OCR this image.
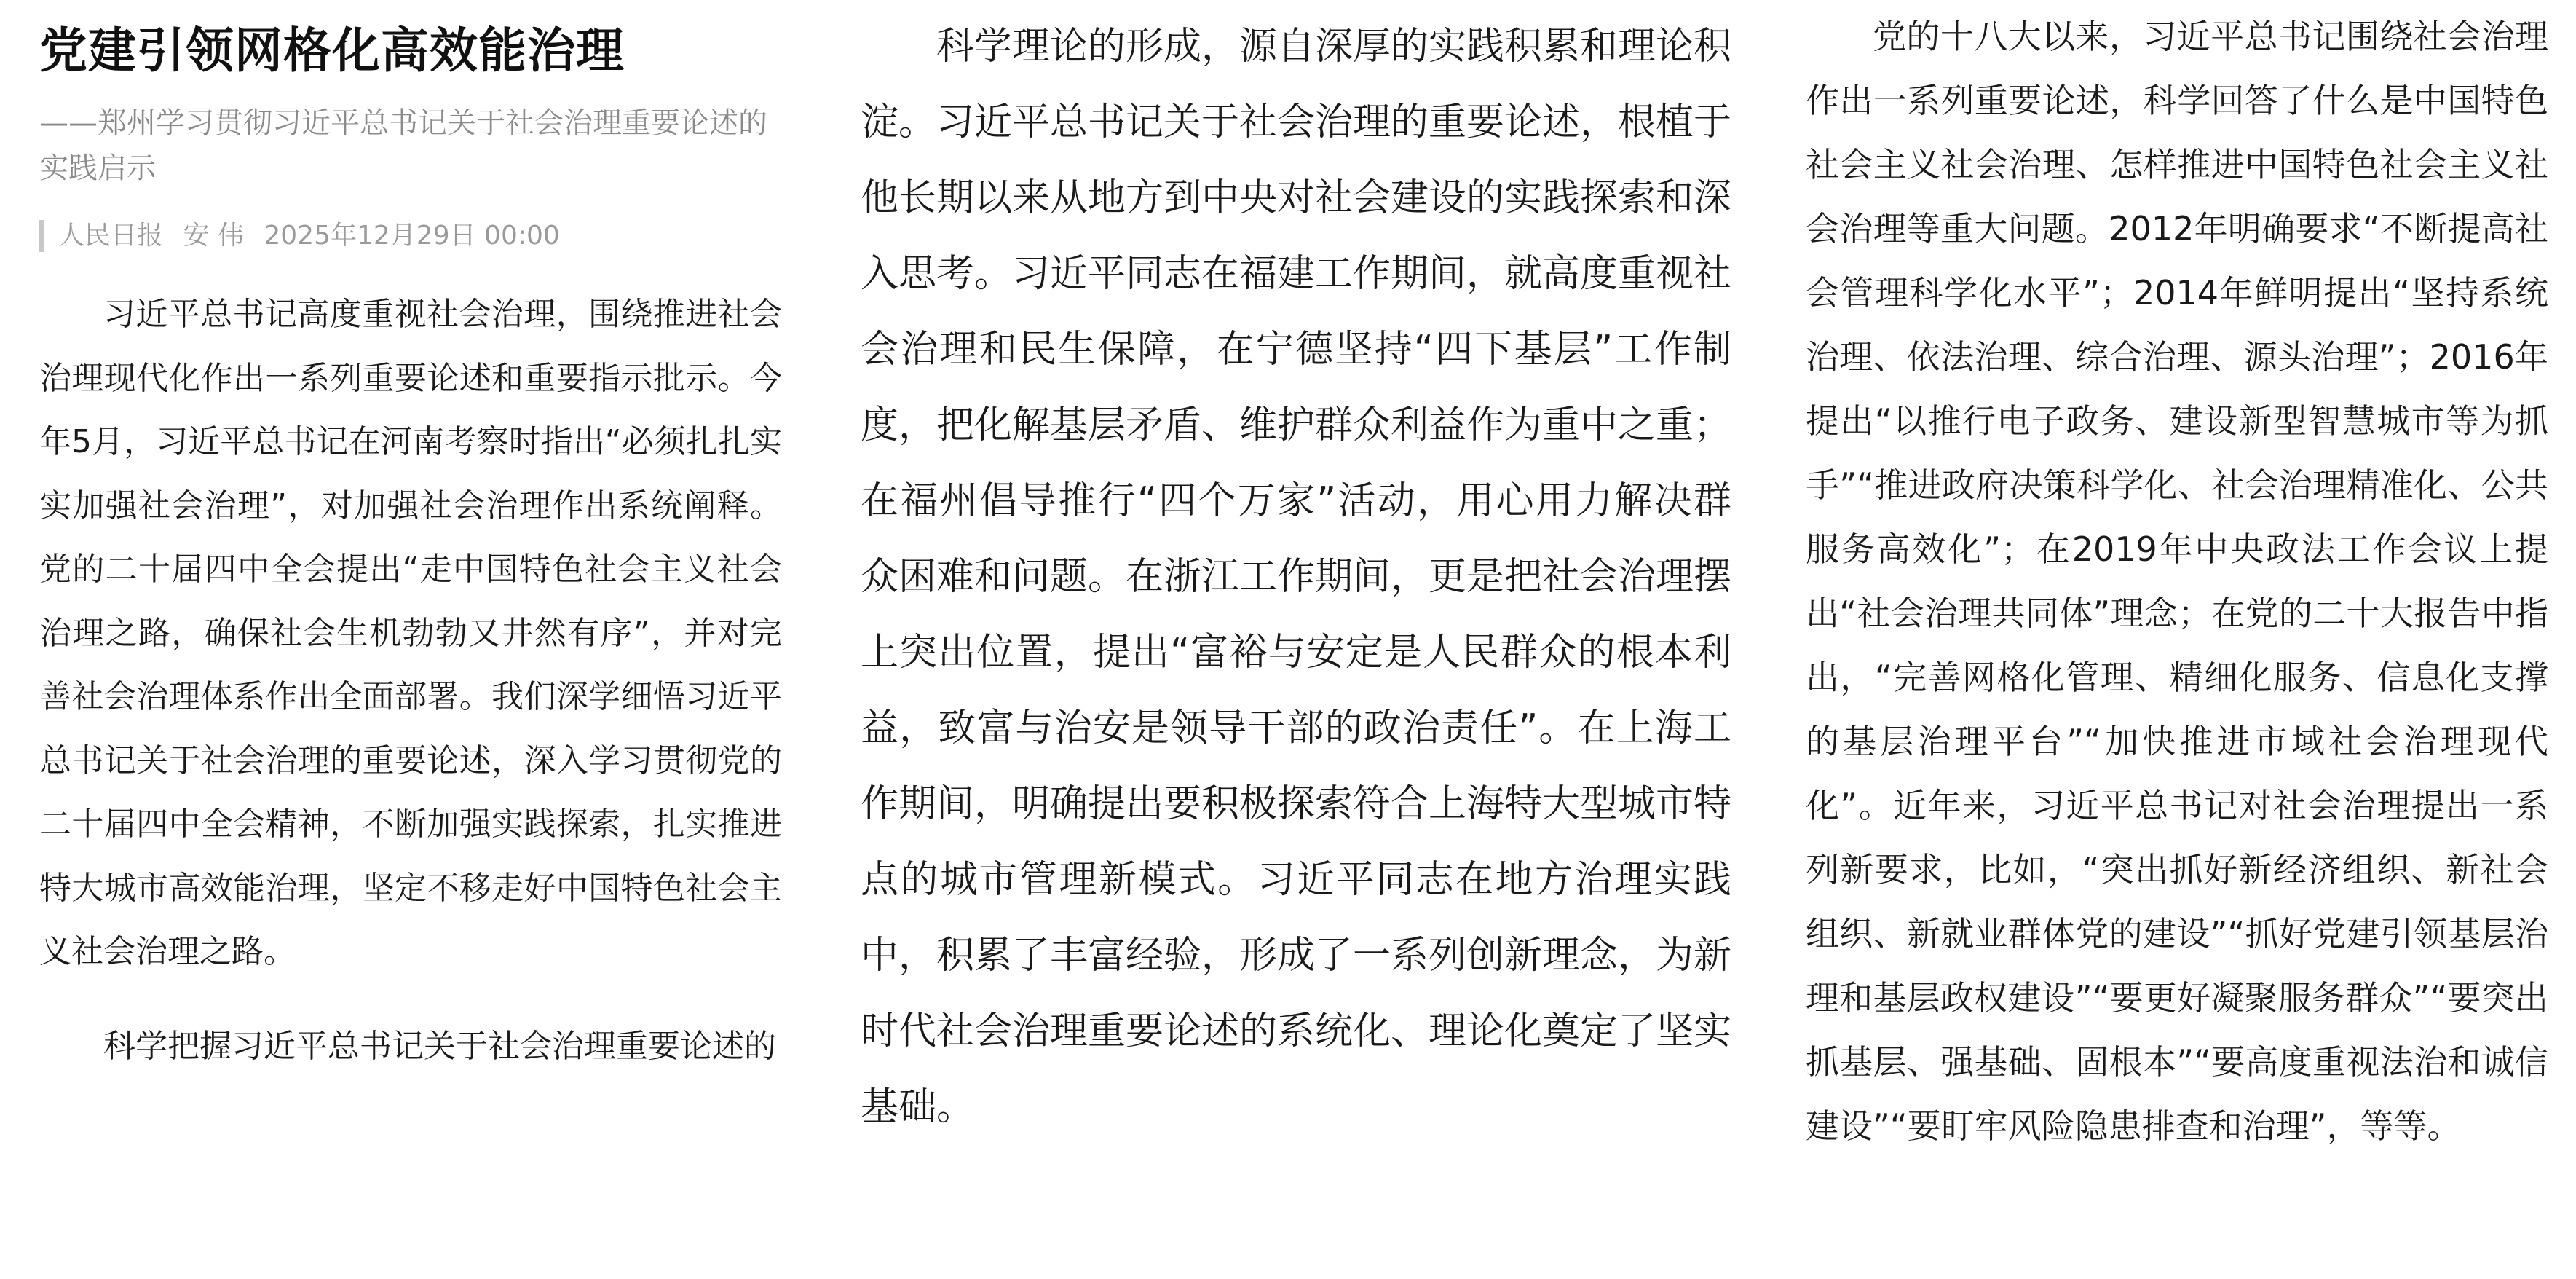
党建引领网格化高效能治理
——郑州学习贯彻习近平总书记关于社会治理重要论述的实践启示
人民日报 安 伟 2025年12月29日 00:00

习近平总书记高度重视社会治理，围绕推进社会治理现代化作出一系列重要论述和重要指示批示。今年5月，习近平总书记在河南考察时指出“必须扎扎实实加强社会治理”，对加强社会治理作出系统阐释。党的二十届四中全会提出“走中国特色社会主义社会治理之路，确保社会生机勃勃又井然有序”，并对完善社会治理体系作出全面部署。我们深学细悟习近平总书记关于社会治理的重要论述，深入学习贯彻党的二十届四中全会精神，不断加强实践探索，扎实推进特大城市高效能治理，坚定不移走好中国特色社会主义社会治理之路。

科学把握习近平总书记关于社会治理重要论述的

科学理论的形成，源自深厚的实践积累和理论积淀。习近平总书记关于社会治理的重要论述，根植于他长期以来从地方到中央对社会建设的实践探索和深入思考。习近平同志在福建工作期间，就高度重视社会治理和民生保障，在宁德坚持“四下基层”工作制度，把化解基层矛盾、维护群众利益作为重中之重；在福州倡导推行“四个万家”活动，用心用力解决群众困难和问题。在浙江工作期间，更是把社会治理摆上突出位置，提出“富裕与安定是人民群众的根本利益，致富与治安是领导干部的政治责任”。在上海工作期间，明确提出要积极探索符合上海特大型城市特点的城市管理新模式。习近平同志在地方治理实践中，积累了丰富经验，形成了一系列创新理念，为新时代社会治理重要论述的系统化、理论化奠定了坚实基础。

党的十八大以来，习近平总书记围绕社会治理作出一系列重要论述，科学回答了什么是中国特色社会主义社会治理、怎样推进中国特色社会主义社会治理等重大问题。2012年明确要求“不断提高社会管理科学化水平”；2014年鲜明提出“坚持系统治理、依法治理、综合治理、源头治理”；2016年提出“以推行电子政务、建设新型智慧城市等为抓手”“推进政府决策科学化、社会治理精准化、公共服务高效化”；在2019年中央政法工作会议上提出“社会治理共同体”理念；在党的二十大报告中指出，“完善网格化管理、精细化服务、信息化支撑的基层治理平台”“加快推进市域社会治理现代化”。近年来，习近平总书记对社会治理提出一系列新要求，比如，“突出抓好新经济组织、新社会组织、新就业群体党的建设”“抓好党建引领基层治理和基层政权建设”“要更好凝聚服务群众”“要突出抓基层、强基础、固根本”“要高度重视法治和诚信建设”“要盯牢风险隐患排查和治理”，等等。
